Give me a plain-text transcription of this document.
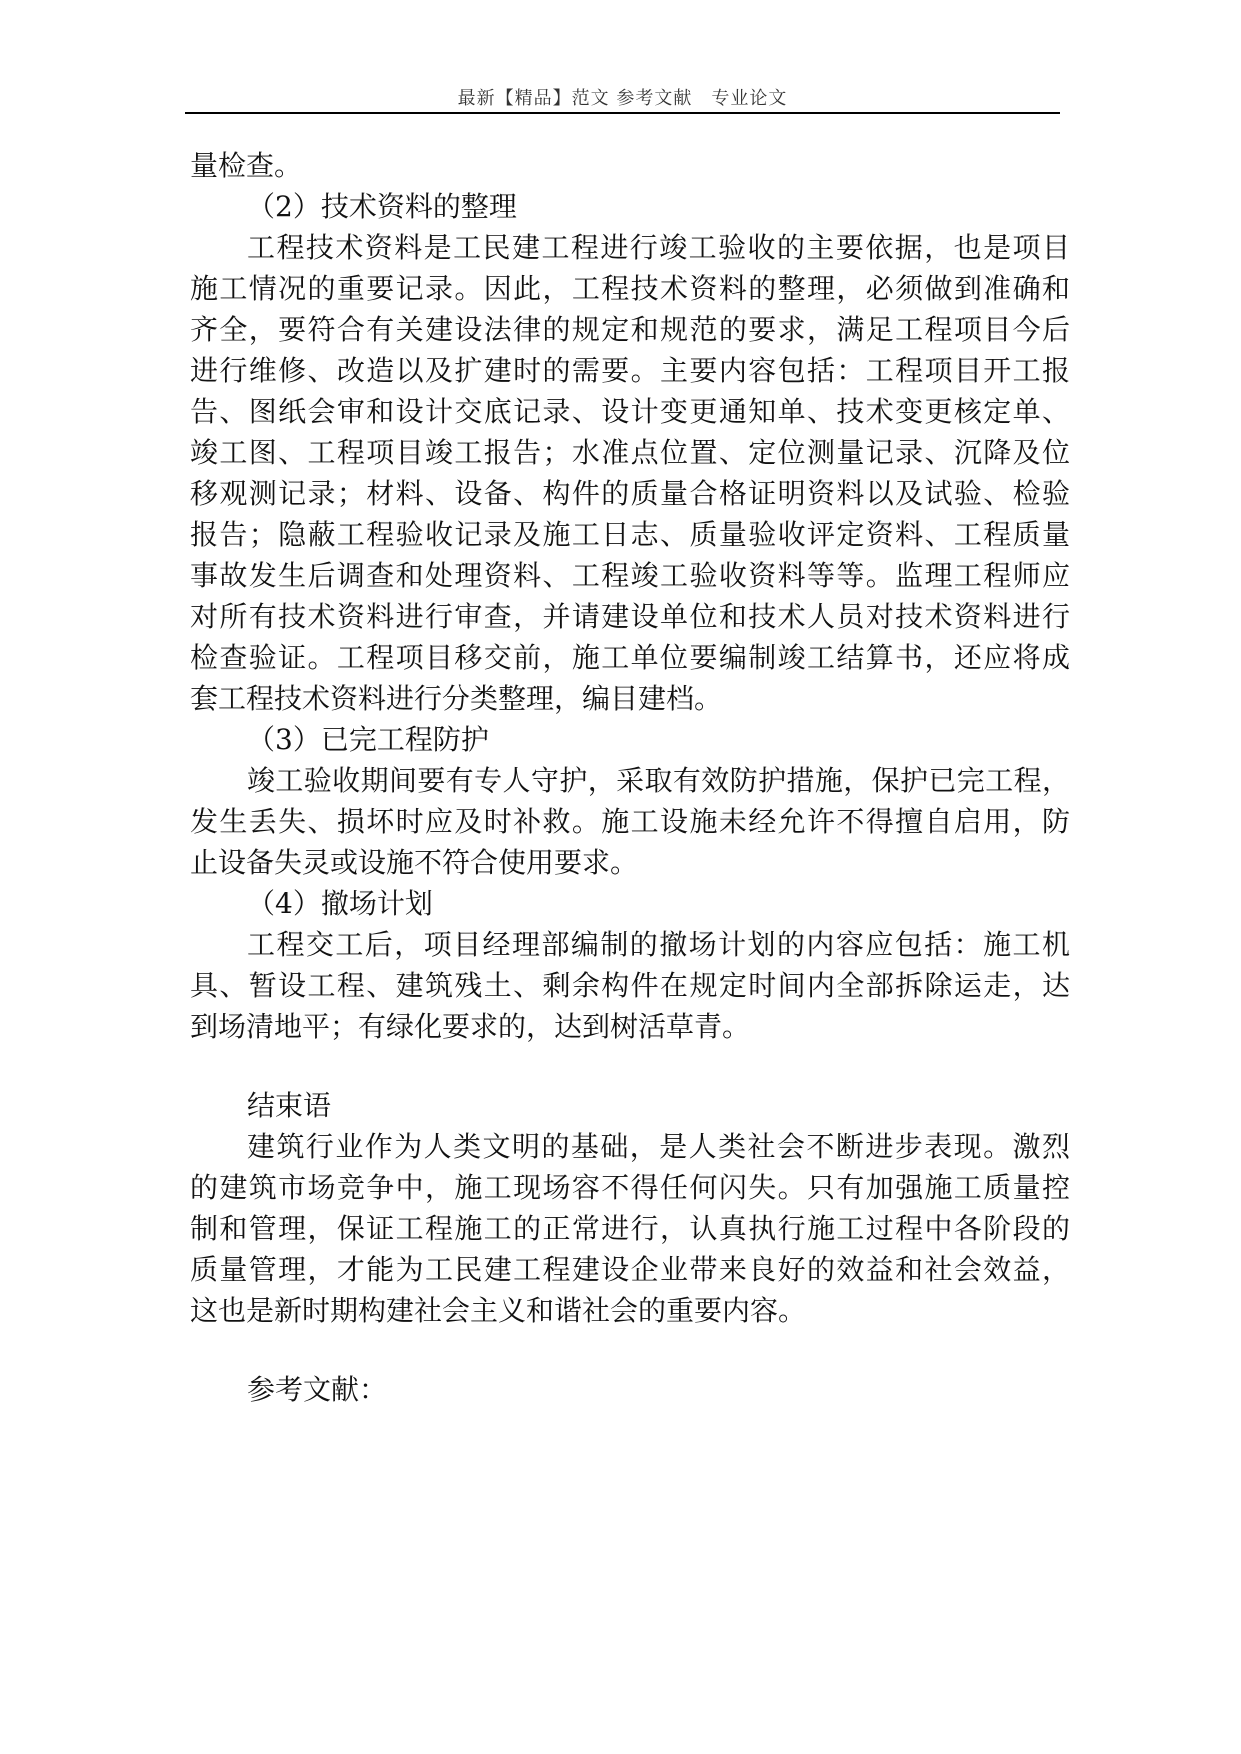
最新【精品】范文 参考文献　专业论文
量检查。
（2）技术资料的整理
工程技术资料是工民建工程进行竣工验收的主要依据，也是项目
施工情况的重要记录。因此，工程技术资料的整理，必须做到准确和
齐全，要符合有关建设法律的规定和规范的要求，满足工程项目今后
进行维修、改造以及扩建时的需要。主要内容包括：工程项目开工报
告、图纸会审和设计交底记录、设计变更通知单、技术变更核定单、
竣工图、工程项目竣工报告；水准点位置、定位测量记录、沉降及位
移观测记录；材料、设备、构件的质量合格证明资料以及试验、检验
报告；隐蔽工程验收记录及施工日志、质量验收评定资料、工程质量
事故发生后调查和处理资料、工程竣工验收资料等等。监理工程师应
对所有技术资料进行审查，并请建设单位和技术人员对技术资料进行
检查验证。工程项目移交前，施工单位要编制竣工结算书，还应将成
套工程技术资料进行分类整理，编目建档。
（3）已完工程防护
竣工验收期间要有专人守护，采取有效防护措施，保护已完工程，
发生丢失、损坏时应及时补救。施工设施未经允许不得擅自启用，防
止设备失灵或设施不符合使用要求。
（4）撤场计划
工程交工后，项目经理部编制的撤场计划的内容应包括：施工机
具、暂设工程、建筑残土、剩余构件在规定时间内全部拆除运走，达
到场清地平；有绿化要求的，达到树活草青。
结束语
建筑行业作为人类文明的基础，是人类社会不断进步表现。激烈
的建筑市场竞争中，施工现场容不得任何闪失。只有加强施工质量控
制和管理，保证工程施工的正常进行，认真执行施工过程中各阶段的
质量管理，才能为工民建工程建设企业带来良好的效益和社会效益，
这也是新时期构建社会主义和谐社会的重要内容。
参考文献：
